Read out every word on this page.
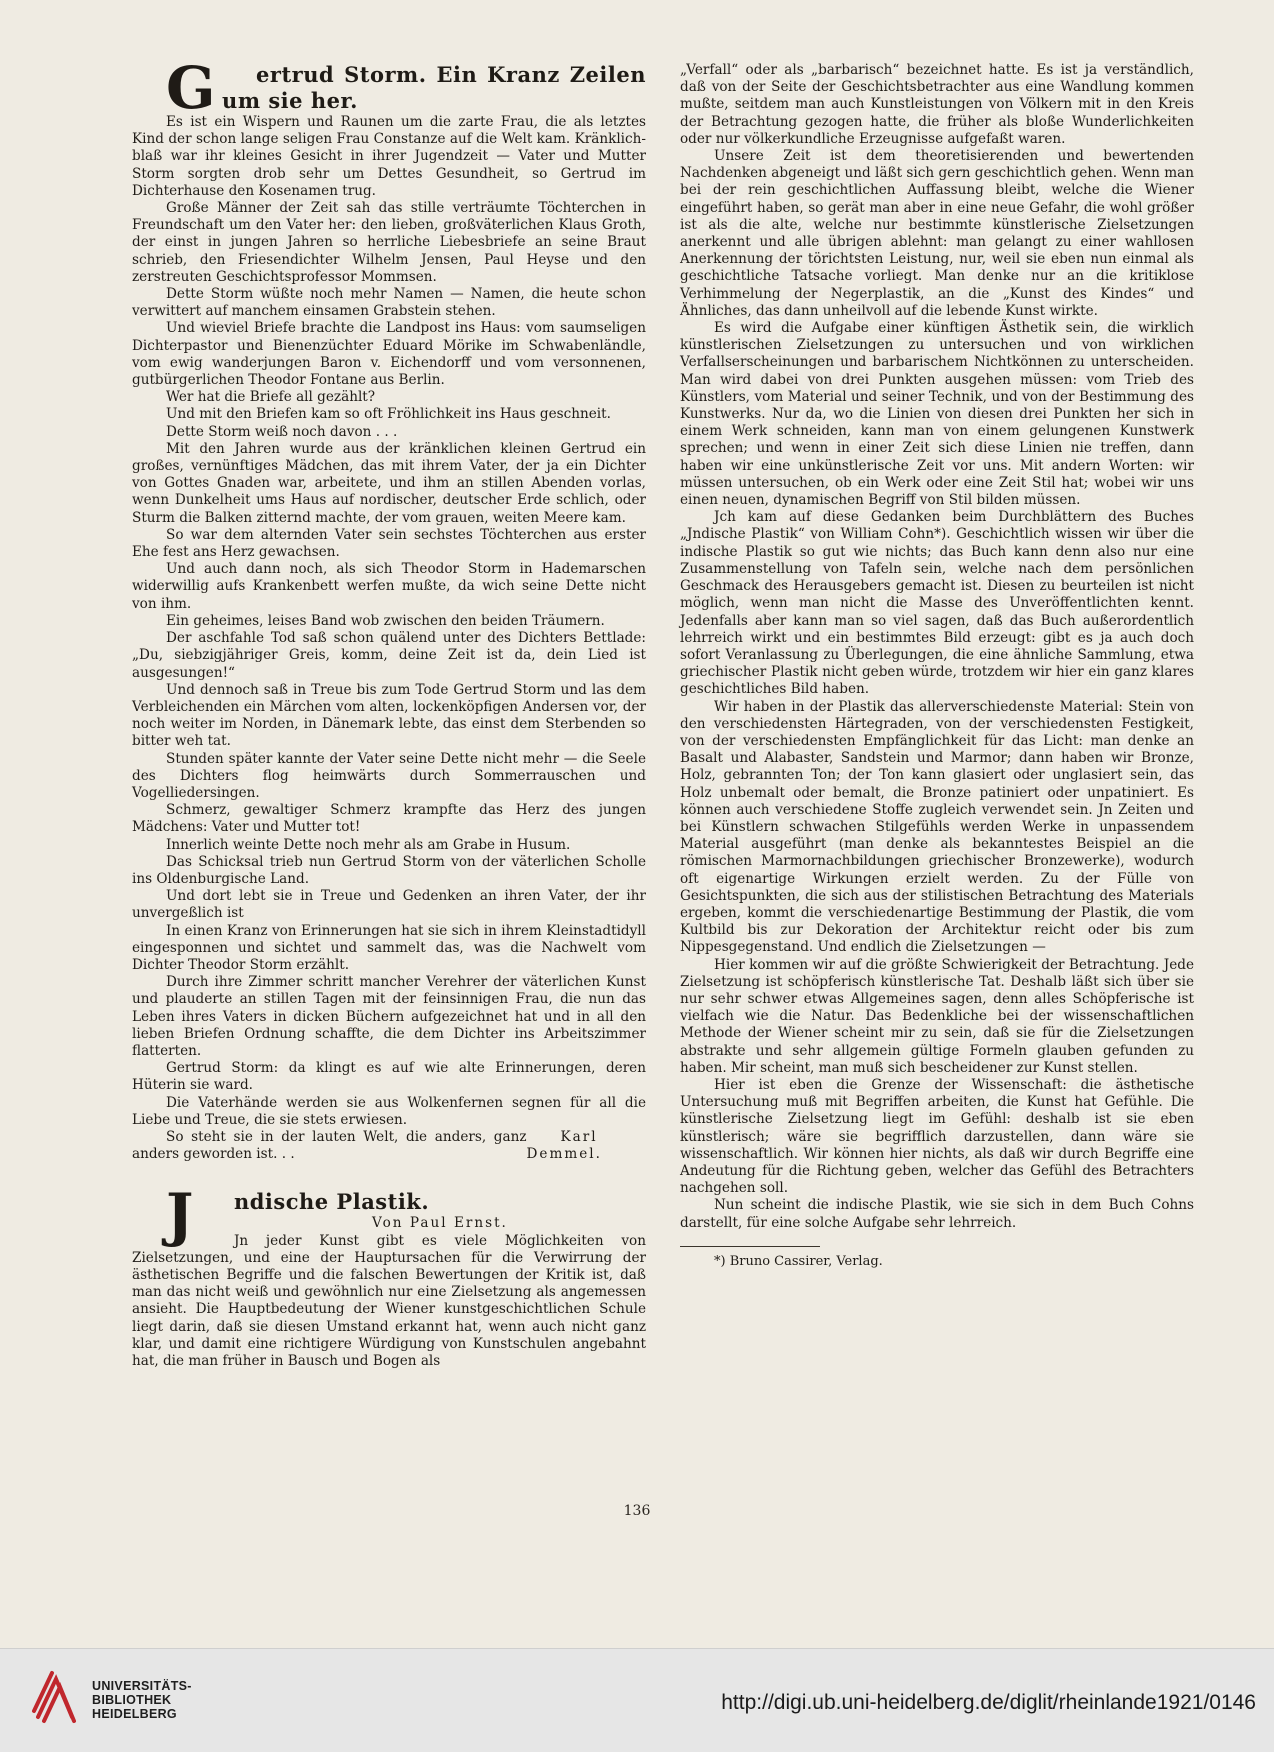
G ertrud Storm. Ein Kranz Zeilen um sie her.

Es ist ein Wispern und Raunen um die zarte Frau, die als letztes Kind der schon lange seligen Frau Constanze auf die Welt kam. Kränklich-blaß war ihr kleines Gesicht in ihrer Jugendzeit — Vater und Mutter Storm sorgten drob sehr um Dettes Gesundheit, so Gertrud im Dichterhause den Kosenamen trug.

Große Männer der Zeit sah das stille verträumte Töchterchen in Freundschaft um den Vater her: den lieben, großväterlichen Klaus Groth, der einst in jungen Jahren so herrliche Liebesbriefe an seine Braut schrieb, den Friesendichter Wilhelm Jensen, Paul Heyse und den zerstreuten Geschichtsprofessor Mommsen.

Dette Storm wüßte noch mehr Namen — Namen, die heute schon verwittert auf manchem einsamen Grabstein stehen.

Und wieviel Briefe brachte die Landpost ins Haus: vom saumseligen Dichterpastor und Bienenzüchter Eduard Mörike im Schwabenländle, vom ewig wanderjungen Baron v. Eichendorff und vom versonnenen, gutbürgerlichen Theodor Fontane aus Berlin.

Wer hat die Briefe all gezählt?

Und mit den Briefen kam so oft Fröhlichkeit ins Haus geschneit.

Dette Storm weiß noch davon . . .

Mit den Jahren wurde aus der kränklichen kleinen Gertrud ein großes, vernünftiges Mädchen, das mit ihrem Vater, der ja ein Dichter von Gottes Gnaden war, arbeitete, und ihm an stillen Abenden vorlas, wenn Dunkelheit ums Haus auf nordischer, deutscher Erde schlich, oder Sturm die Balken zitternd machte, der vom grauen, weiten Meere kam.

So war dem alternden Vater sein sechstes Töchterchen aus erster Ehe fest ans Herz gewachsen.

Und auch dann noch, als sich Theodor Storm in Hademarschen widerwillig aufs Krankenbett werfen mußte, da wich seine Dette nicht von ihm.

Ein geheimes, leises Band wob zwischen den beiden Träumern.

Der aschfahle Tod saß schon quälend unter des Dichters Bettlade: „Du, siebzigjähriger Greis, komm, deine Zeit ist da, dein Lied ist ausgesungen!“

Und dennoch saß in Treue bis zum Tode Gertrud Storm und las dem Verbleichenden ein Märchen vom alten, lockenköpfigen Andersen vor, der noch weiter im Norden, in Dänemark lebte, das einst dem Sterbenden so bitter weh tat.

Stunden später kannte der Vater seine Dette nicht mehr — die Seele des Dichters flog heimwärts durch Sommerrauschen und Vogelliedersingen.

Schmerz, gewaltiger Schmerz krampfte das Herz des jungen Mädchens: Vater und Mutter tot!

Innerlich weinte Dette noch mehr als am Grabe in Husum.

Das Schicksal trieb nun Gertrud Storm von der väterlichen Scholle ins Oldenburgische Land.

Und dort lebt sie in Treue und Gedenken an ihren Vater, der ihr unvergeßlich ist

In einen Kranz von Erinnerungen hat sie sich in ihrem Kleinstadtidyll eingesponnen und sichtet und sammelt das, was die Nachwelt vom Dichter Theodor Storm erzählt.

Durch ihre Zimmer schritt mancher Verehrer der väterlichen Kunst und plauderte an stillen Tagen mit der feinsinnigen Frau, die nun das Leben ihres Vaters in dicken Büchern aufgezeichnet hat und in all den lieben Briefen Ordnung schaffte, die dem Dichter ins Arbeitszimmer flatterten.

Gertrud Storm: da klingt es auf wie alte Erinnerungen, deren Hüterin sie ward.

Die Vaterhände werden sie aus Wolkenfernen segnen für all die Liebe und Treue, die sie stets erwiesen.

So steht sie in der lauten Welt, die anders, ganz anders geworden ist. . .
Karl Demmel.

J ndische Plastik.

Von Paul Ernst.

Jn jeder Kunst gibt es viele Möglichkeiten von Zielsetzungen, und eine der Hauptursachen für die Verwirrung der ästhetischen Begriffe und die falschen Bewertungen der Kritik ist, daß man das nicht weiß und gewöhnlich nur eine Zielsetzung als angemessen ansieht. Die Hauptbedeutung der Wiener kunstgeschichtlichen Schule liegt darin, daß sie diesen Umstand erkannt hat, wenn auch nicht ganz klar, und damit eine richtigere Würdigung von Kunstschulen angebahnt hat, die man früher in Bausch und Bogen als

„Verfall“ oder als „barbarisch“ bezeichnet hatte. Es ist ja verständlich, daß von der Seite der Geschichtsbetrachter aus eine Wandlung kommen mußte, seitdem man auch Kunstleistungen von Völkern mit in den Kreis der Betrachtung gezogen hatte, die früher als bloße Wunderlichkeiten oder nur völkerkundliche Erzeugnisse aufgefaßt waren.

Unsere Zeit ist dem theoretisierenden und bewertenden Nachdenken abgeneigt und läßt sich gern geschichtlich gehen. Wenn man bei der rein geschichtlichen Auffassung bleibt, welche die Wiener eingeführt haben, so gerät man aber in eine neue Gefahr, die wohl größer ist als die alte, welche nur bestimmte künstlerische Zielsetzungen anerkennt und alle übrigen ablehnt: man gelangt zu einer wahllosen Anerkennung der törichtsten Leistung, nur, weil sie eben nun einmal als geschichtliche Tatsache vorliegt. Man denke nur an die kritiklose Verhimmelung der Negerplastik, an die „Kunst des Kindes“ und Ähnliches, das dann unheilvoll auf die lebende Kunst wirkte.

Es wird die Aufgabe einer künftigen Ästhetik sein, die wirklich künstlerischen Zielsetzungen zu untersuchen und von wirklichen Verfallserscheinungen und barbarischem Nichtkönnen zu unterscheiden. Man wird dabei von drei Punkten ausgehen müssen: vom Trieb des Künstlers, vom Material und seiner Technik, und von der Bestimmung des Kunstwerks. Nur da, wo die Linien von diesen drei Punkten her sich in einem Werk schneiden, kann man von einem gelungenen Kunstwerk sprechen; und wenn in einer Zeit sich diese Linien nie treffen, dann haben wir eine unkünstlerische Zeit vor uns. Mit andern Worten: wir müssen untersuchen, ob ein Werk oder eine Zeit Stil hat; wobei wir uns einen neuen, dynamischen Begriff von Stil bilden müssen.

Jch kam auf diese Gedanken beim Durchblättern des Buches „Jndische Plastik“ von William Cohn*). Geschichtlich wissen wir über die indische Plastik so gut wie nichts; das Buch kann denn also nur eine Zusammenstellung von Tafeln sein, welche nach dem persönlichen Geschmack des Herausgebers gemacht ist. Diesen zu beurteilen ist nicht möglich, wenn man nicht die Masse des Unveröffentlichten kennt. Jedenfalls aber kann man so viel sagen, daß das Buch außerordentlich lehrreich wirkt und ein bestimmtes Bild erzeugt: gibt es ja auch doch sofort Veranlassung zu Überlegungen, die eine ähnliche Sammlung, etwa griechischer Plastik nicht geben würde, trotzdem wir hier ein ganz klares geschichtliches Bild haben.

Wir haben in der Plastik das allerverschiedenste Material: Stein von den verschiedensten Härtegraden, von der verschiedensten Festigkeit, von der verschiedensten Empfänglichkeit für das Licht: man denke an Basalt und Alabaster, Sandstein und Marmor; dann haben wir Bronze, Holz, gebrannten Ton; der Ton kann glasiert oder unglasiert sein, das Holz unbemalt oder bemalt, die Bronze patiniert oder unpatiniert. Es können auch verschiedene Stoffe zugleich verwendet sein. Jn Zeiten und bei Künstlern schwachen Stilgefühls werden Werke in unpassendem Material ausgeführt (man denke als bekanntestes Beispiel an die römischen Marmornachbildungen griechischer Bronzewerke), wodurch oft eigenartige Wirkungen erzielt werden. Zu der Fülle von Gesichtspunkten, die sich aus der stilistischen Betrachtung des Materials ergeben, kommt die verschiedenartige Bestimmung der Plastik, die vom Kultbild bis zur Dekoration der Architektur reicht oder bis zum Nippesgegenstand. Und endlich die Zielsetzungen —

Hier kommen wir auf die größte Schwierigkeit der Betrachtung. Jede Zielsetzung ist schöpferisch künstlerische Tat. Deshalb läßt sich über sie nur sehr schwer etwas Allgemeines sagen, denn alles Schöpferische ist vielfach wie die Natur. Das Bedenkliche bei der wissenschaftlichen Methode der Wiener scheint mir zu sein, daß sie für die Zielsetzungen abstrakte und sehr allgemein gültige Formeln glauben gefunden zu haben. Mir scheint, man muß sich bescheidener zur Kunst stellen.

Hier ist eben die Grenze der Wissenschaft: die ästhetische Untersuchung muß mit Begriffen arbeiten, die Kunst hat Gefühle. Die künstlerische Zielsetzung liegt im Gefühl: deshalb ist sie eben künstlerisch; wäre sie begrifflich darzustellen, dann wäre sie wissenschaftlich. Wir können hier nichts, als daß wir durch Begriffe eine Andeutung für die Richtung geben, welcher das Gefühl des Betrachters nachgehen soll.

Nun scheint die indische Plastik, wie sie sich in dem Buch Cohns darstellt, für eine solche Aufgabe sehr lehrreich.

*) Bruno Cassirer, Verlag.

136
UNIVERSITÄTS-
BIBLIOTHEK
HEIDELBERG	http://digi.ub.uni-heidelberg.de/diglit/rheinlande1921/0146
